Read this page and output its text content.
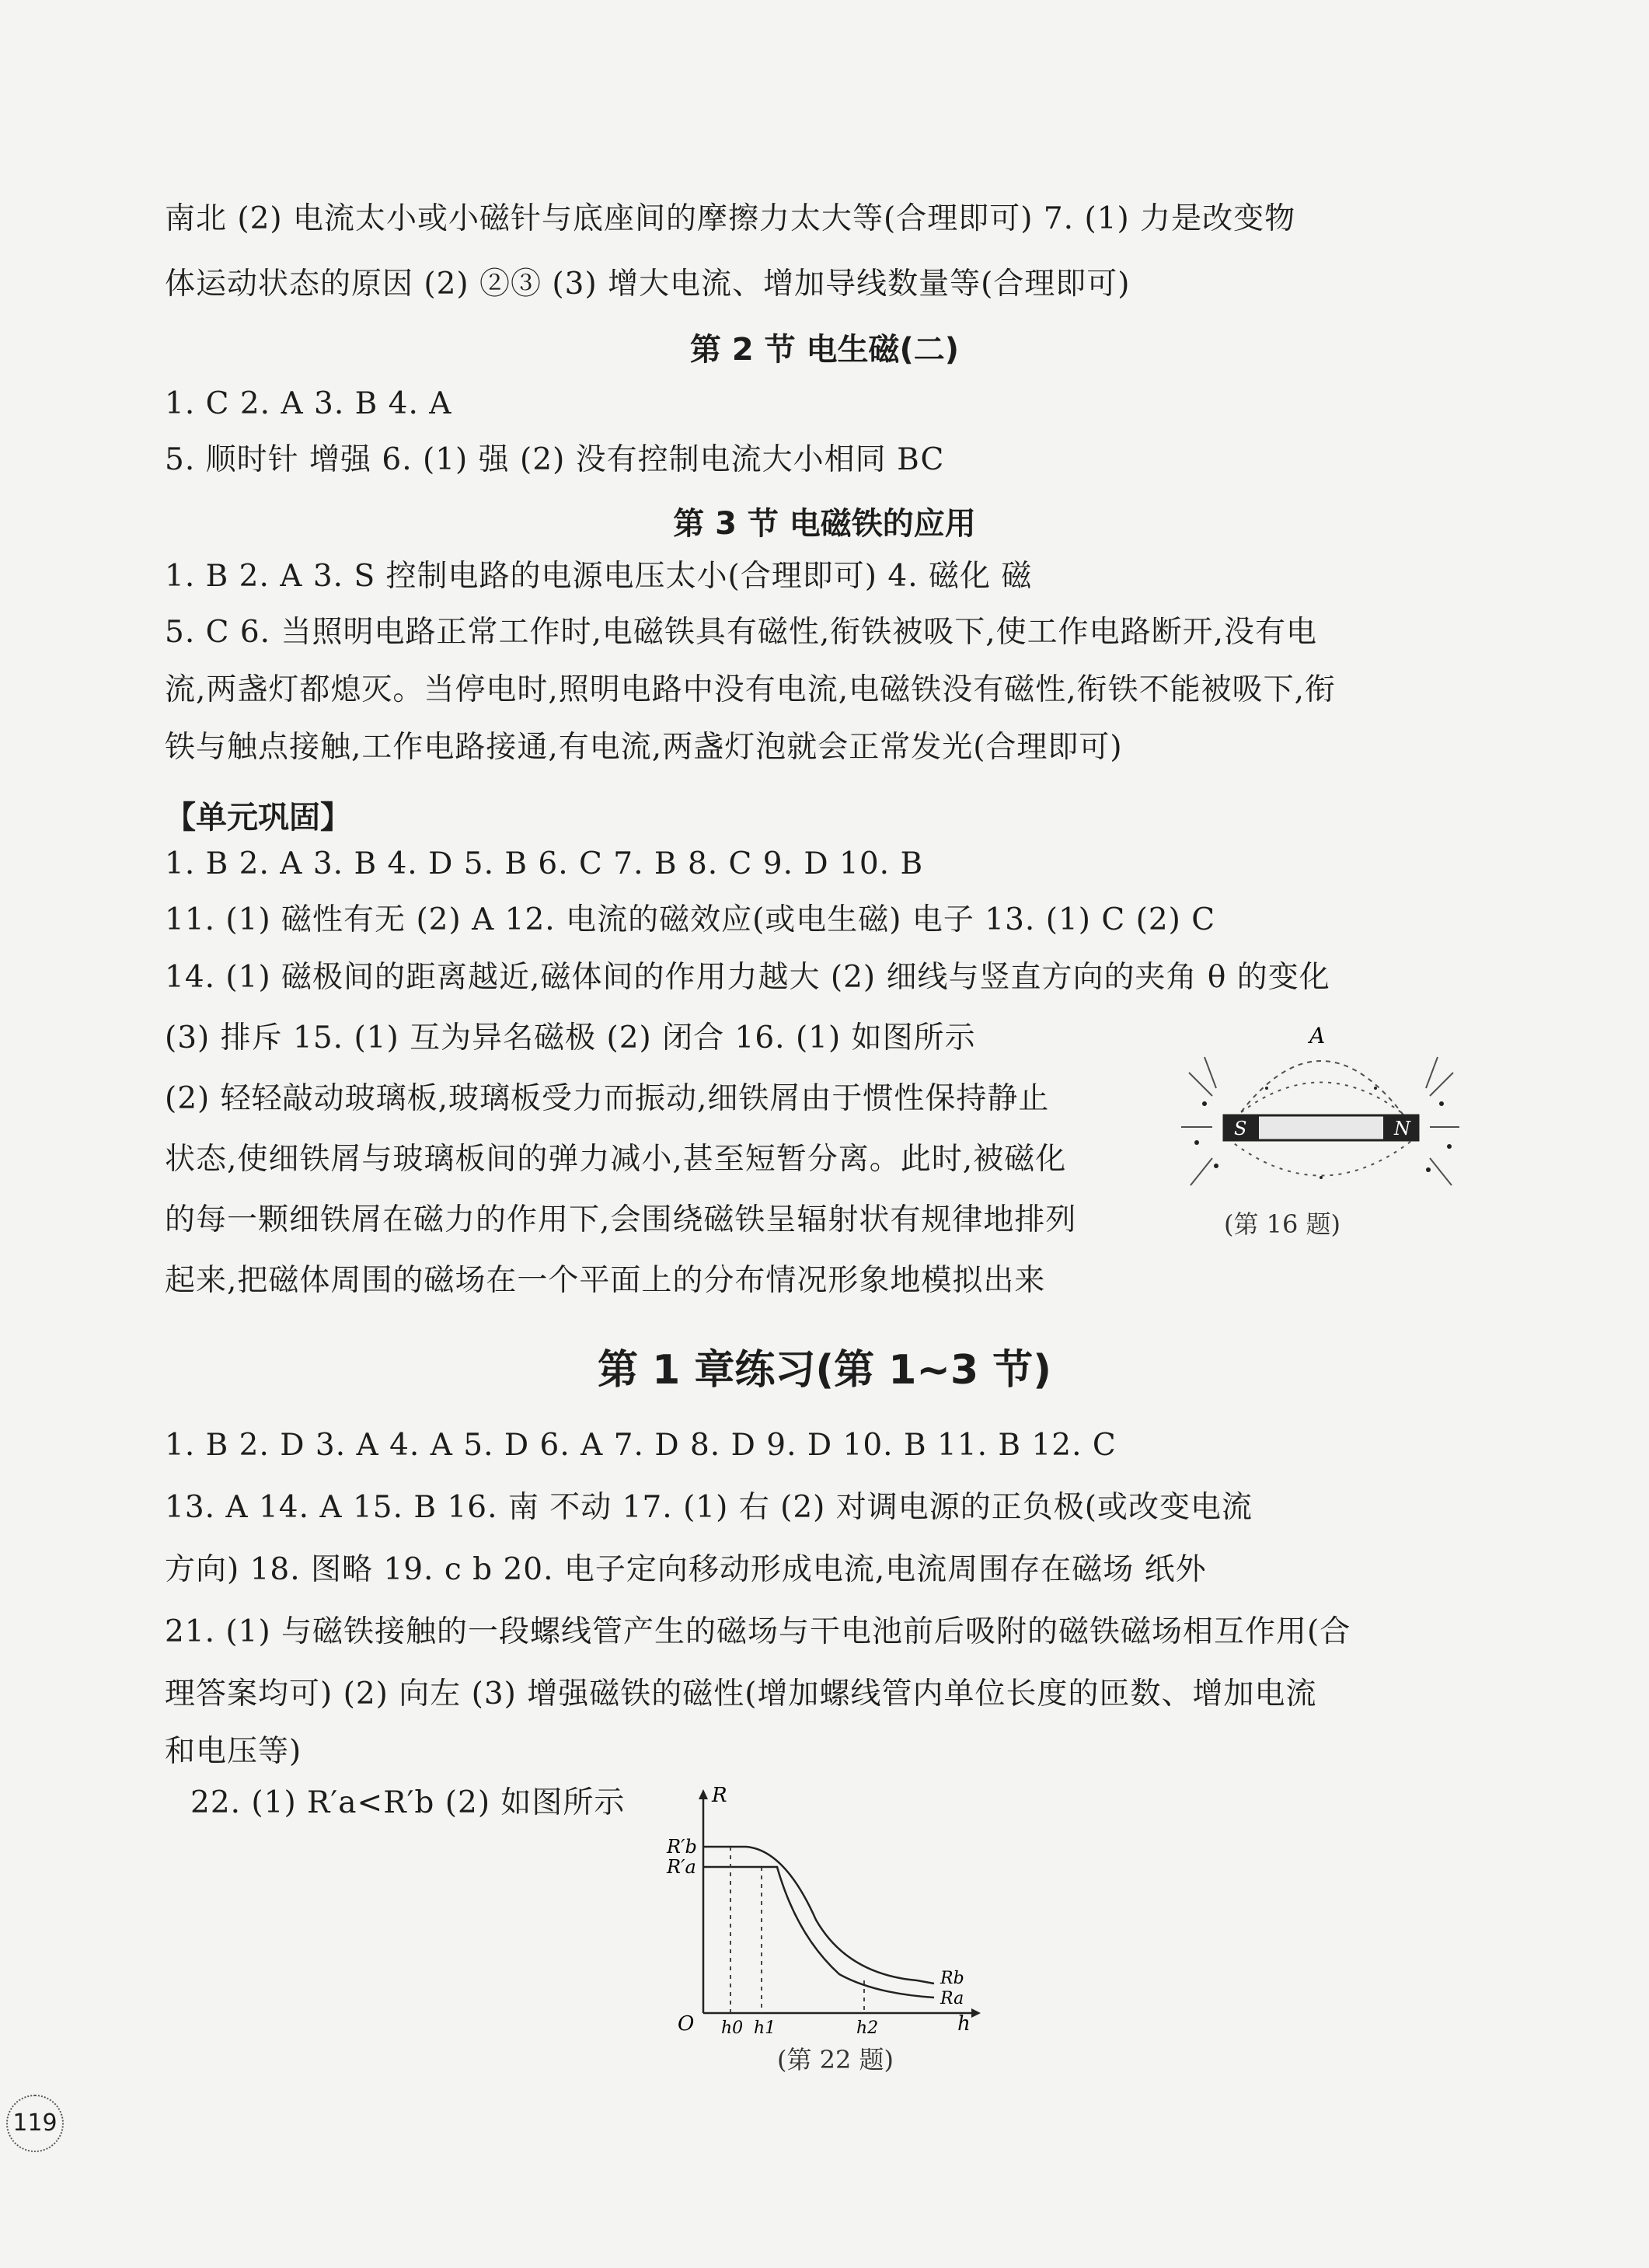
南北 (2) 电流太小或小磁针与底座间的摩擦力太大等(合理即可) 7. (1) 力是改变物
体运动状态的原因 (2) ②③ (3) 增大电流、增加导线数量等(合理即可)
第 2 节 电生磁(二)
1. C 2. A 3. B 4. A
5. 顺时针 增强 6. (1) 强 (2) 没有控制电流大小相同 BC
第 3 节 电磁铁的应用
1. B 2. A 3. S 控制电路的电源电压太小(合理即可) 4. 磁化 磁
5. C 6. 当照明电路正常工作时,电磁铁具有磁性,衔铁被吸下,使工作电路断开,没有电
流,两盏灯都熄灭。当停电时,照明电路中没有电流,电磁铁没有磁性,衔铁不能被吸下,衔
铁与触点接触,工作电路接通,有电流,两盏灯泡就会正常发光(合理即可)
【单元巩固】
1. B 2. A 3. B 4. D 5. B 6. C 7. B 8. C 9. D 10. B
11. (1) 磁性有无 (2) A 12. 电流的磁效应(或电生磁) 电子 13. (1) C (2) C
14. (1) 磁极间的距离越近,磁体间的作用力越大 (2) 细线与竖直方向的夹角 θ 的变化
(3) 排斥 15. (1) 互为异名磁极 (2) 闭合 16. (1) 如图所示
(2) 轻轻敲动玻璃板,玻璃板受力而振动,细铁屑由于惯性保持静止
状态,使细铁屑与玻璃板间的弹力减小,甚至短暂分离。此时,被磁化
的每一颗细铁屑在磁力的作用下,会围绕磁铁呈辐射状有规律地排列
起来,把磁体周围的磁场在一个平面上的分布情况形象地模拟出来
S	N
A
(第 16 题)
第 1 章练习(第 1~3 节)
1. B 2. D 3. A 4. A 5. D 6. A 7. D 8. D 9. D 10. B 11. B 12. C
13. A 14. A 15. B 16. 南 不动 17. (1) 右 (2) 对调电源的正负极(或改变电流
方向) 18. 图略 19. c b 20. 电子定向移动形成电流,电流周围存在磁场 纸外
21. (1) 与磁铁接触的一段螺线管产生的磁场与干电池前后吸附的磁铁磁场相互作用(合
理答案均可) (2) 向左 (3) 增强磁铁的磁性(增加螺线管内单位长度的匝数、增加电流
和电压等)
22. (1) R′a<R′b (2) 如图所示	R
h
O
R′b
R′a
h0 h1	h2
Rb
Ra
(第 22 题)
119
